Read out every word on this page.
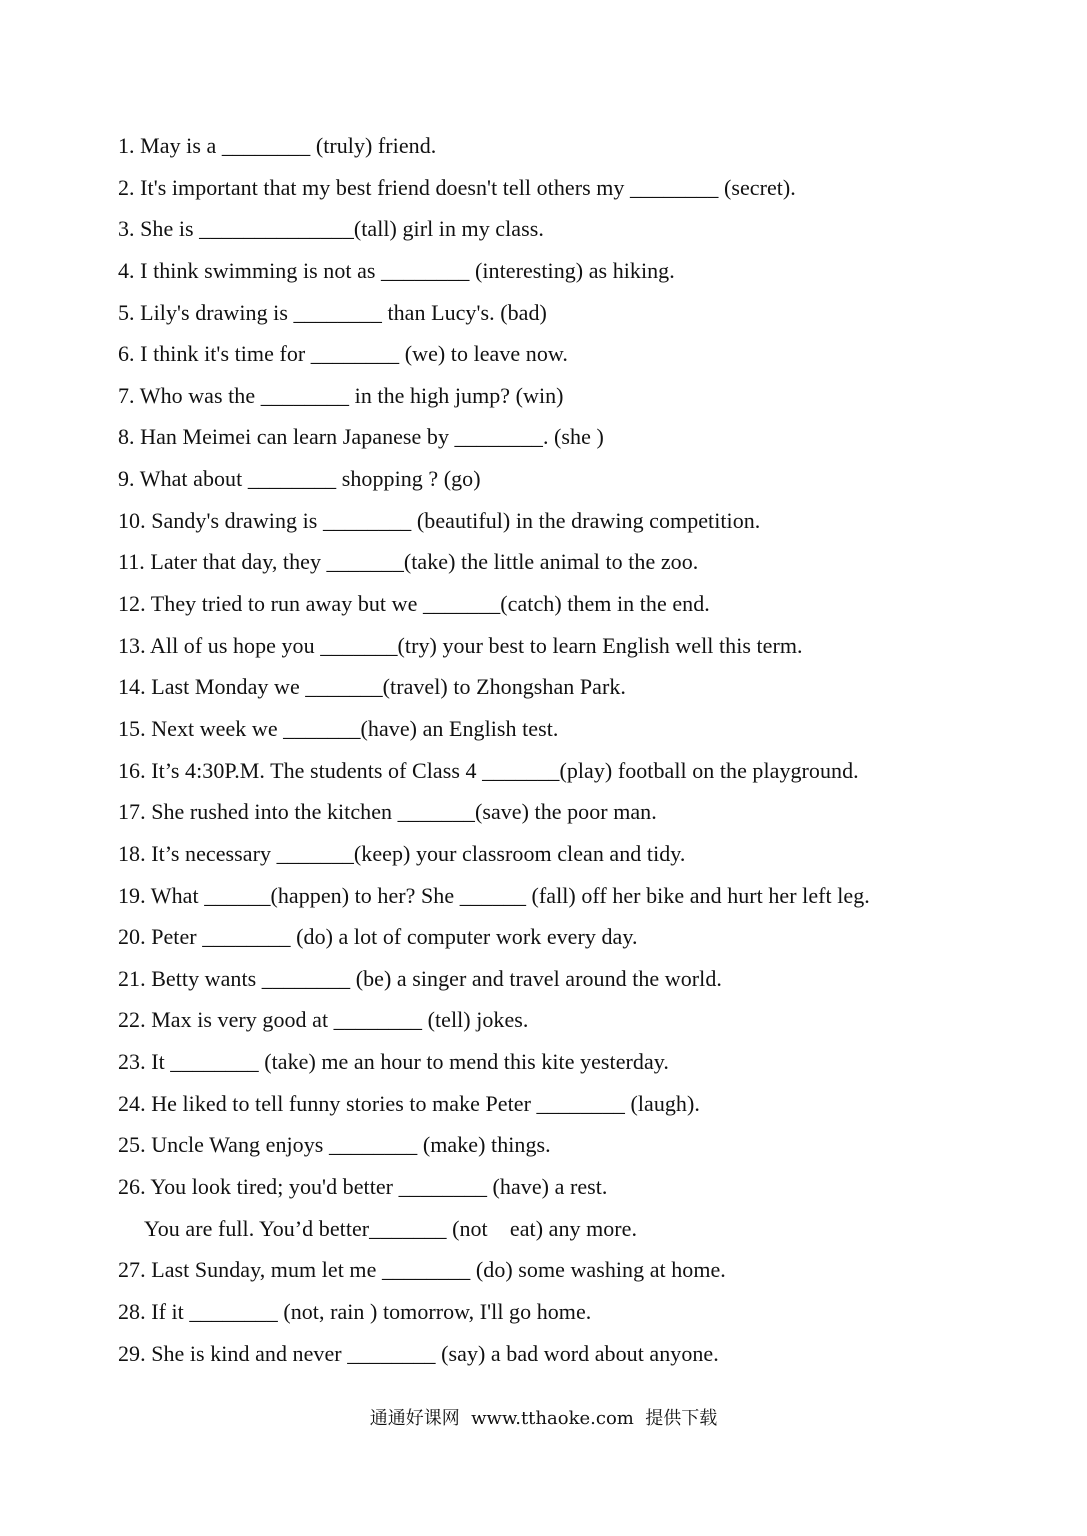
1. May is a ________ (truly) friend.
2. It's important that my best friend doesn't tell others my ________ (secret).
3. She is ______________(tall) girl in my class.
4. I think swimming is not as ________ (interesting) as hiking.
5. Lily's drawing is ________ than Lucy's. (bad)
6. I think it's time for ________ (we) to leave now.
7. Who was the ________ in the high jump? (win)
8. Han Meimei can learn Japanese by ________. (she )
9. What about ________ shopping ? (go)
10. Sandy's drawing is ________ (beautiful) in the drawing competition.
11. Later that day, they _______(take) the little animal to the zoo.
12. They tried to run away but we _______(catch) them in the end.
13. All of us hope you _______(try) your best to learn English well this term.
14. Last Monday we _______(travel) to Zhongshan Park.
15. Next week we _______(have) an English test.
16. It’s 4:30P.M. The students of Class 4 _______(play) football on the playground.
17. She rushed into the kitchen _______(save) the poor man.
18. It’s necessary _______(keep) your classroom clean and tidy.
19. What ______(happen) to her? She ______ (fall) off her bike and hurt her left leg.
20. Peter ________ (do) a lot of computer work every day.
21. Betty wants ________ (be) a singer and travel around the world.
22. Max is very good at ________ (tell) jokes.
23. It ________ (take) me an hour to mend this kite yesterday.
24. He liked to tell funny stories to make Peter ________ (laugh).
25. Uncle Wang enjoys ________ (make) things.
26. You look tired; you'd better ________ (have) a rest.
You are full. You’d better_______ (not    eat) any more.
27. Last Sunday, mum let me ________ (do) some washing at home.
28. If it ________ (not, rain ) tomorrow, I'll go home.
29. She is kind and never ________ (say) a bad word about anyone.
通通好课网  www.tthaoke.com  提供下载
